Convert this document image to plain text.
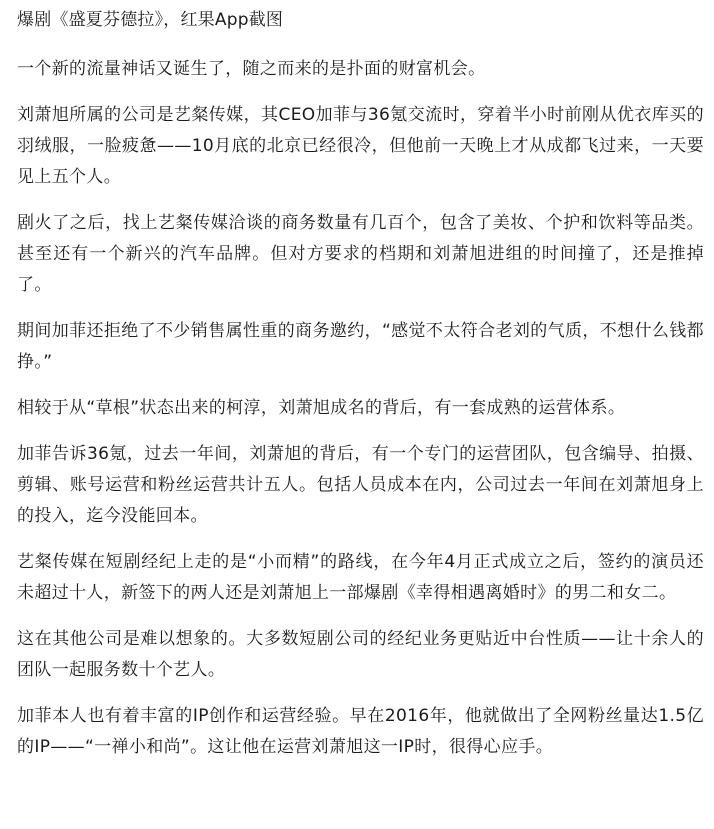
爆剧《盛夏芬德拉》，红果App截图

一个新的流量神话又诞生了，随之而来的是扑面的财富机会。

刘萧旭所属的公司是艺粲传媒，其CEO加菲与36氪交流时，穿着半小时前刚从优衣库买的羽绒服，一脸疲惫——10月底的北京已经很冷，但他前一天晚上才从成都飞过来，一天要见上五个人。

剧火了之后，找上艺粲传媒洽谈的商务数量有几百个，包含了美妆、个护和饮料等品类。甚至还有一个新兴的汽车品牌。但对方要求的档期和刘萧旭进组的时间撞了，还是推掉了。

期间加菲还拒绝了不少销售属性重的商务邀约，“感觉不太符合老刘的气质，不想什么钱都挣。”

相较于从“草根”状态出来的柯淳，刘萧旭成名的背后，有一套成熟的运营体系。

加菲告诉36氪，过去一年间，刘萧旭的背后，有一个专门的运营团队，包含编导、拍摄、剪辑、账号运营和粉丝运营共计五人。包括人员成本在内，公司过去一年间在刘萧旭身上的投入，迄今没能回本。

艺粲传媒在短剧经纪上走的是“小而精”的路线，在今年4月正式成立之后，签约的演员还未超过十人，新签下的两人还是刘萧旭上一部爆剧《幸得相遇离婚时》的男二和女二。

这在其他公司是难以想象的。大多数短剧公司的经纪业务更贴近中台性质——让十余人的团队一起服务数十个艺人。

加菲本人也有着丰富的IP创作和运营经验。早在2016年，他就做出了全网粉丝量达1.5亿的IP——“一禅小和尚”。这让他在运营刘萧旭这一IP时，很得心应手。
